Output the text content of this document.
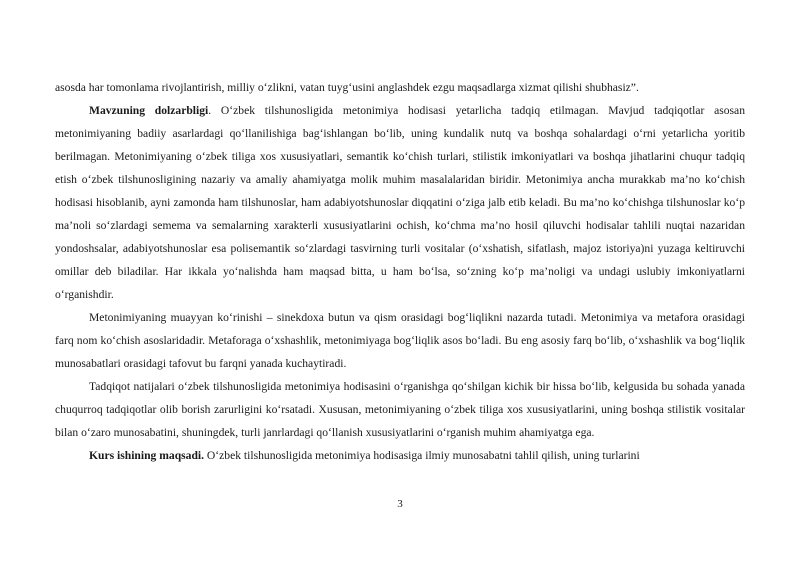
asosda har tomonlama rivojlantirish, milliy o‘zlikni, vatan tuyg‘usini anglashdek ezgu maqsadlarga xizmat qilishi shubhasiz”.

Mavzuning dolzarbligi. O‘zbek tilshunosligida metonimiya hodisasi yetarlicha tadqiq etilmagan. Mavjud tadqiqotlar asosan metonimiyaning badiiy asarlardagi qo‘llanilishiga bag‘ishlangan bo‘lib, uning kundalik nutq va boshqa sohalardagi o‘rni yetarlicha yoritib berilmagan. Metonimiyaning o‘zbek tiliga xos xususiyatlari, semantik ko‘chish turlari, stilistik imkoniyatlari va boshqa jihatlarini chuqur tadqiq etish o‘zbek tilshunosligining nazariy va amaliy ahamiyatga molik muhim masalalaridan biridir. Metonimiya ancha murakkab ma’no ko‘chish hodisasi hisoblanib, ayni zamonda ham tilshunoslar, ham adabiyotshunoslar diqqatini o‘ziga jalb etib keladi. Bu ma’no ko‘chishga tilshunoslar ko‘p ma’noli so‘zlardagi semema va semalarning xarakterli xususiyatlarini ochish, ko‘chma ma’no hosil qiluvchi hodisalar tahlili nuqtai nazaridan yondoshsalar, adabiyotshunoslar esa polisemantik so‘zlardagi tasvirning turli vositalar (o‘xshatish, sifatlash, majoz istoriya)ni yuzaga keltiruvchi omillar deb biladilar. Har ikkala yo‘nalishda ham maqsad bitta, u ham bo‘lsa, so‘zning ko‘p ma’noligi va undagi uslubiy imkoniyatlarni o‘rganishdir.

Metonimiyaning muayyan ko‘rinishi – sinekdoxa butun va qism orasidagi bog‘liqlikni nazarda tutadi. Metonimiya va metafora orasidagi farq nom ko‘chish asoslaridadir. Metaforaga o‘xshashlik, metonimiyaga bog‘liqlik asos bo‘ladi. Bu eng asosiy farq bo‘lib, o‘xshashlik va bog‘liqlik munosabatlari orasidagi tafovut bu farqni yanada kuchaytiradi.

Tadqiqot natijalari o‘zbek tilshunosligida metonimiya hodisasini o‘rganishga qo‘shilgan kichik bir hissa bo‘lib, kelgusida bu sohada yanada chuqurroq tadqiqotlar olib borish zarurligini ko‘rsatadi. Xususan, metonimiyaning o‘zbek tiliga xos xususiyatlarini, uning boshqa stilistik vositalar bilan o‘zaro munosabatini, shuningdek, turli janrlardagi qo‘llanish xususiyatlarini o‘rganish muhim ahamiyatga ega.

Kurs ishining maqsadi. O‘zbek tilshunosligida metonimiya hodisasiga ilmiy munosabatni tahlil qilish, uning turlarini

3
